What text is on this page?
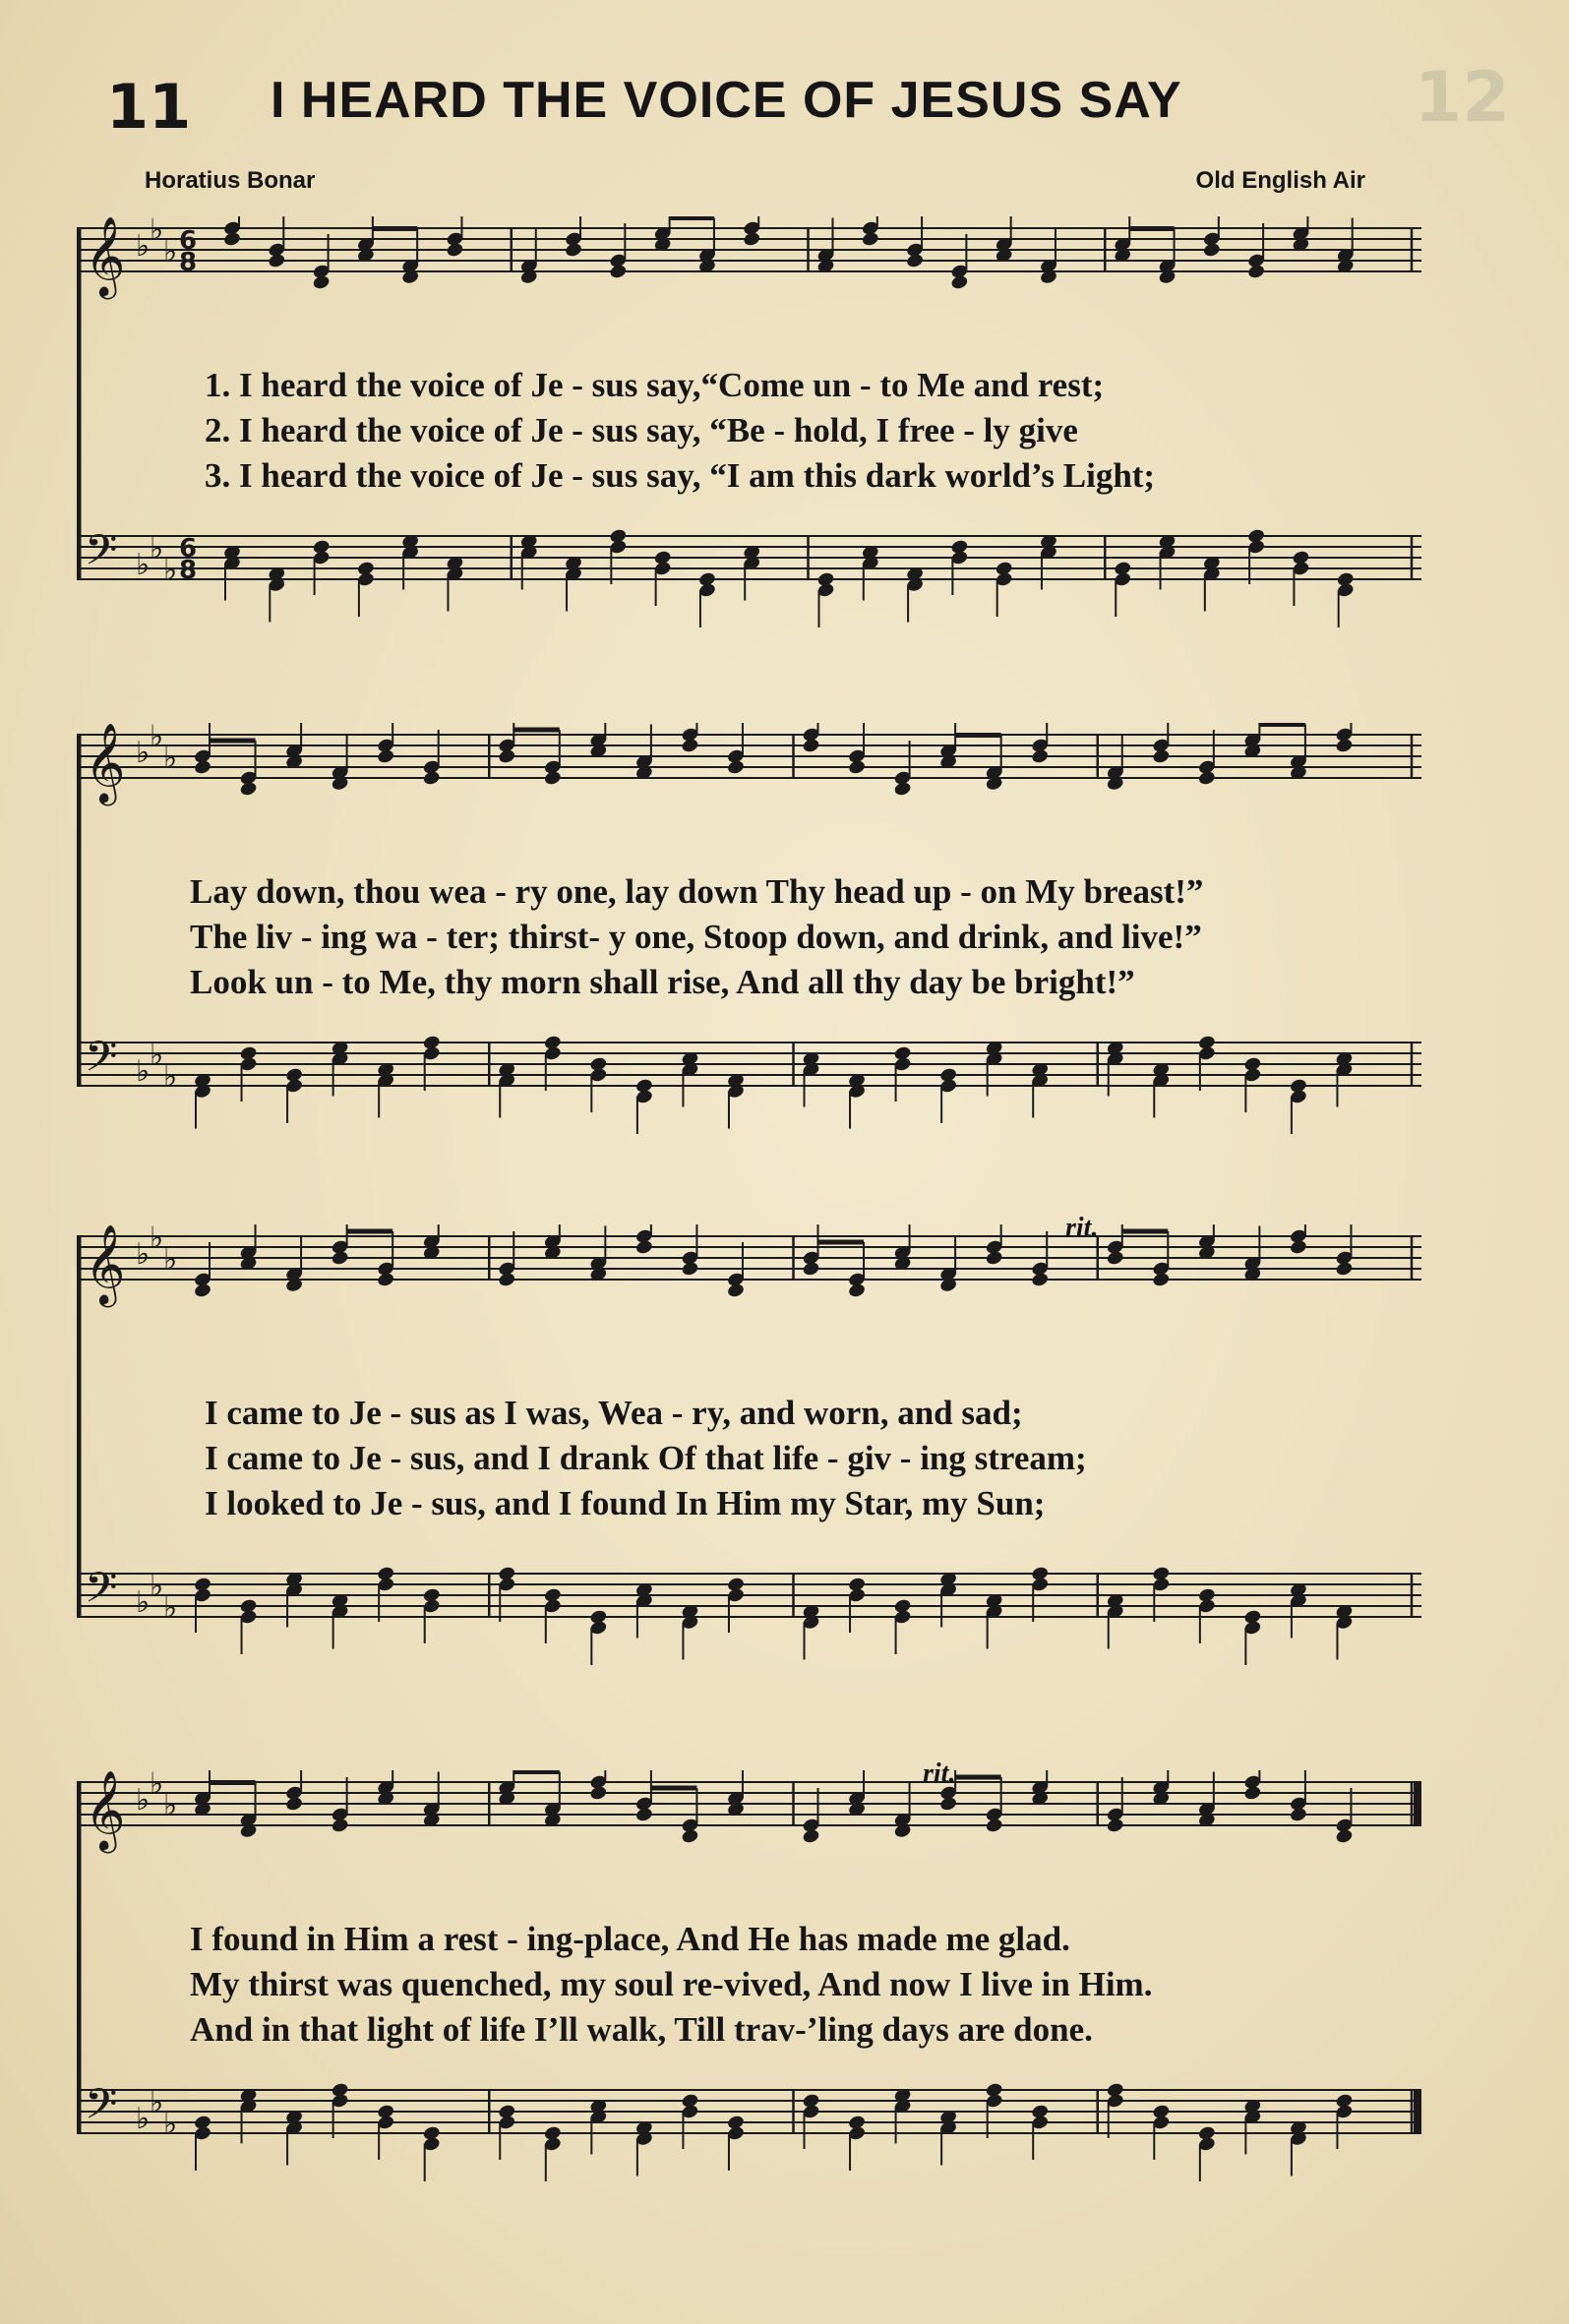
12
11 I HEARD THE VOICE OF JESUS SAY
Horatius Bonar	Old English Air
𝄞
𝄢
♭ ♭
♭
♭ ♭
♭
6
6
8
8
1. I heard the voice of Je - sus say,“Come un - to Me and rest;
2. I heard the voice of Je - sus say, “Be - hold, I free - ly give
3. I heard the voice of Je - sus say, “I am this dark world’s Light;
𝄞
𝄢
♭ ♭
♭
♭ ♭
♭
Lay down, thou wea - ry one, lay down Thy head up - on My breast!”
The liv - ing wa - ter; thirst- y one, Stoop down, and drink, and live!”
Look un - to Me, thy morn shall rise, And all thy day be bright!”
𝄞
𝄢
♭ ♭
♭
♭ ♭
♭
rit.
I came to Je - sus as I was, Wea - ry, and worn, and sad;
I came to Je - sus, and I drank Of that life - giv - ing stream;
I looked to Je - sus, and I found In Him my Star, my Sun;
𝄞
𝄢
♭ ♭
♭
♭ ♭
♭
rit.
I found in Him a rest - ing-place, And He has made me glad.
My thirst was quenched, my soul re-vived, And now I live in Him.
And in that light of life I’ll walk, Till trav-’ling days are done.
